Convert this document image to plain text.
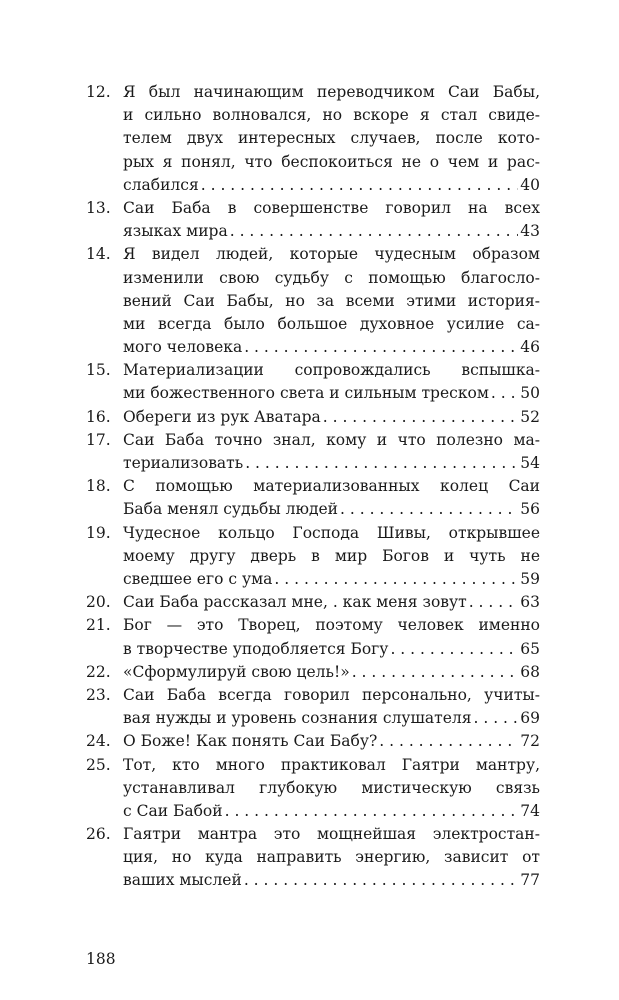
12. Я был начинающим переводчиком Саи Бабы,
и сильно волновался, но вскоре я стал свиде-
телем двух интересных случаев, после кото-
рых я понял, что беспокоиться не о чем и рас-
слабился . . .	40
13. Саи Баба в совершенстве говорил на всех
языках мира . . .	43
14. Я видел людей, которые чудесным образом
изменили свою судьбу с помощью благосло-
вений Саи Бабы, но за всеми этими история-
ми всегда было большое духовное усилие са-
мого человека . . .	46
15. Материализации сопровождались вспышка-
ми божественного света и сильным треском . . . 50
16. Обереги из рук Аватара . . .	52
17. Саи Баба точно знал, кому и что полезно ма-
териализовать . . .	54
18. С помощью материализованных колец Саи
Баба менял судьбы людей . . .	56
19. Чудесное кольцо Господа Шивы, открывшее
моему другу дверь в мир Богов и чуть не
сведшее его с ума . . .	59
20. Саи Баба рассказал мне, . как меня зовут . . .	63
21. Бог — это Творец, поэтому человек именно
в творчестве уподобляется Богу . . .	65
22. «Сформулируй свою цель!» . . .	68
23. Саи Баба всегда говорил персонально, учиты-
вая нужды и уровень сознания слушателя . . .	69
24. О Боже! Как понять Саи Бабу? . . .	72
25. Тот, кто много практиковал Гаятри мантру,
устанавливал глубокую мистическую связь
с Саи Бабой . . .	74
26. Гаятри мантра это мощнейшая электростан-
ция, но куда направить энергию, зависит от
ваших мыслей . . .	77
188
